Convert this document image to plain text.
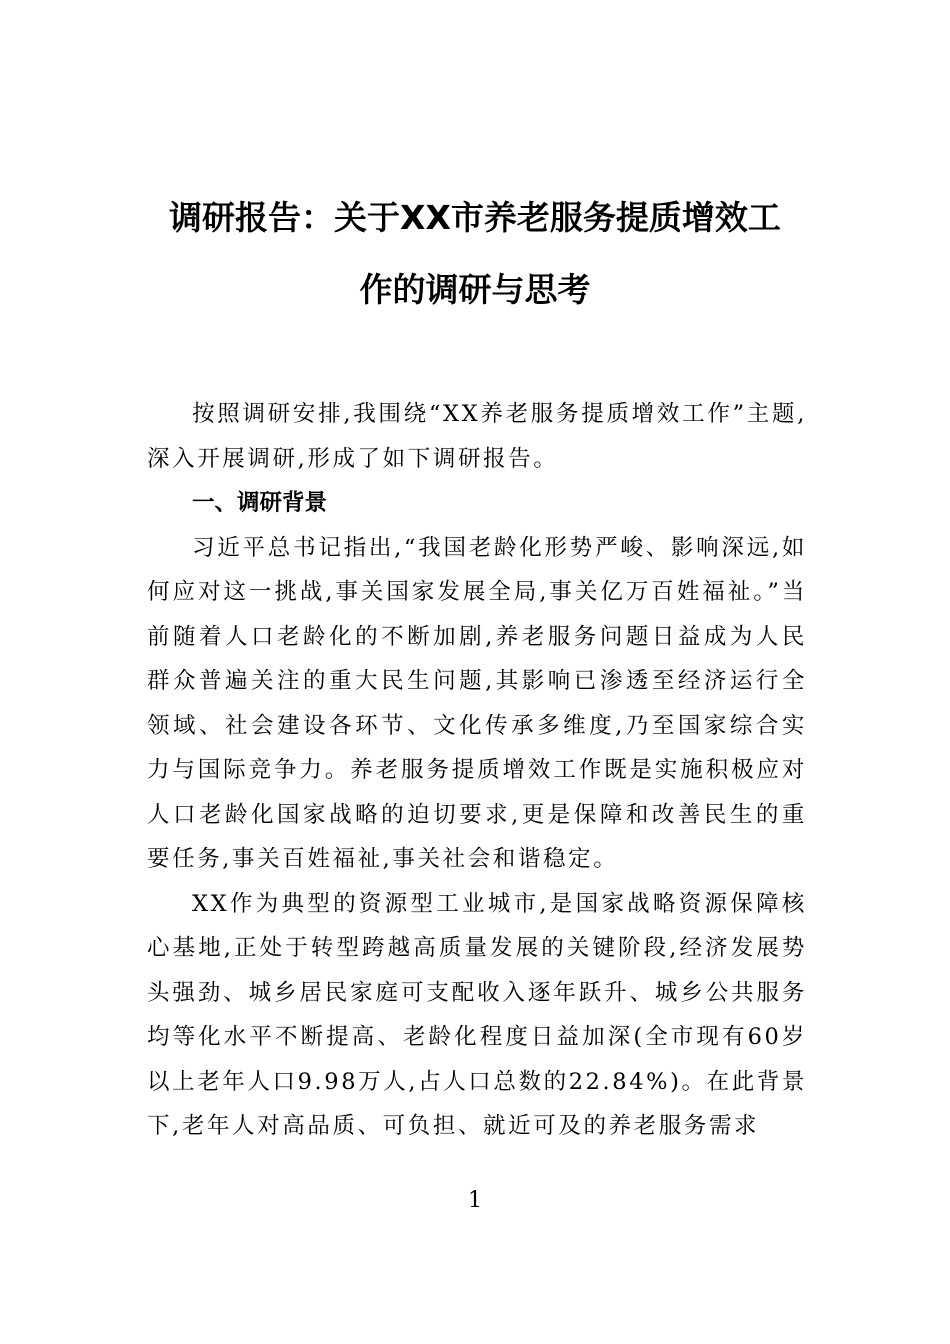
调研报告：关于XX市养老服务提质增效工
作的调研与思考

按照调研安排,我围绕“XX养老服务提质增效工作”主题,深入开展调研,形成了如下调研报告。

一、调研背景

习近平总书记指出,“我国老龄化形势严峻、影响深远,如何应对这一挑战,事关国家发展全局,事关亿万百姓福祉。”当前随着人口老龄化的不断加剧,养老服务问题日益成为人民群众普遍关注的重大民生问题,其影响已渗透至经济运行全领域、社会建设各环节、文化传承多维度,乃至国家综合实力与国际竞争力。养老服务提质增效工作既是实施积极应对人口老龄化国家战略的迫切要求,更是保障和改善民生的重要任务,事关百姓福祉,事关社会和谐稳定。

XX作为典型的资源型工业城市,是国家战略资源保障核心基地,正处于转型跨越高质量发展的关键阶段,经济发展势头强劲、城乡居民家庭可支配收入逐年跃升、城乡公共服务均等化水平不断提高、老龄化程度日益加深(全市现有60岁以上老年人口9.98万人,占人口总数的22.84%)。在此背景下,老年人对高品质、可负担、就近可及的养老服务需求

1
